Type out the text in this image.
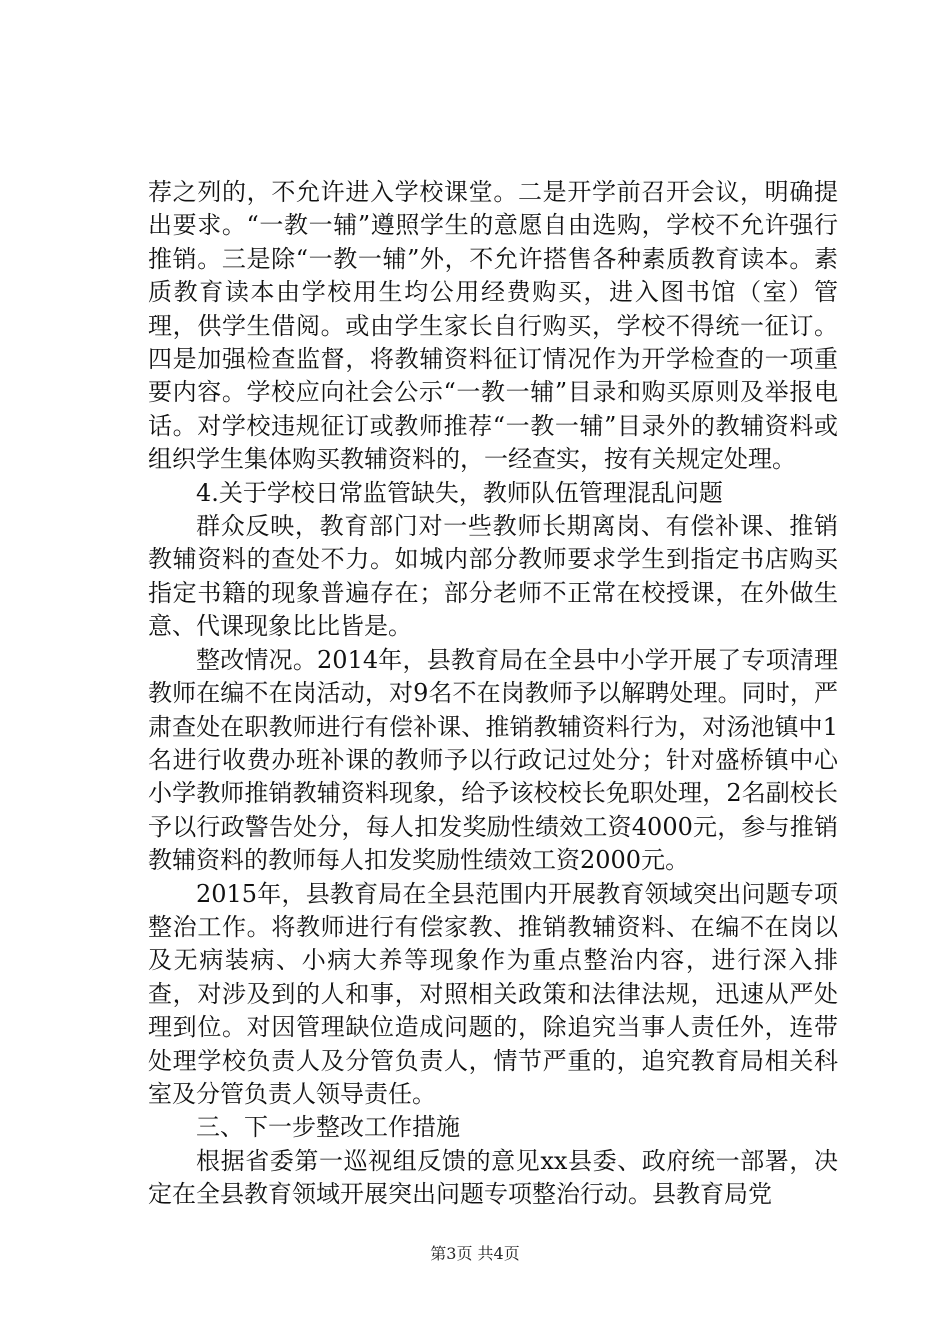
荐之列的，不允许进入学校课堂。二是开学前召开会议，明确提出要求。“一教一辅”遵照学生的意愿自由选购，学校不允许强行推销。三是除“一教一辅”外，不允许搭售各种素质教育读本。素质教育读本由学校用生均公用经费购买，进入图书馆（室）管理，供学生借阅。或由学生家长自行购买，学校不得统一征订。四是加强检查监督，将教辅资料征订情况作为开学检查的一项重要内容。学校应向社会公示“一教一辅”目录和购买原则及举报电话。对学校违规征订或教师推荐“一教一辅”目录外的教辅资料或组织学生集体购买教辅资料的，一经查实，按有关规定处理。

4.关于学校日常监管缺失，教师队伍管理混乱问题

群众反映，教育部门对一些教师长期离岗、有偿补课、推销教辅资料的查处不力。如城内部分教师要求学生到指定书店购买指定书籍的现象普遍存在；部分老师不正常在校授课，在外做生意、代课现象比比皆是。

整改情况。2014年，县教育局在全县中小学开展了专项清理教师在编不在岗活动，对9名不在岗教师予以解聘处理。同时，严肃查处在职教师进行有偿补课、推销教辅资料行为，对汤池镇中1名进行收费办班补课的教师予以行政记过处分；针对盛桥镇中心小学教师推销教辅资料现象，给予该校校长免职处理，2名副校长予以行政警告处分，每人扣发奖励性绩效工资4000元，参与推销教辅资料的教师每人扣发奖励性绩效工资2000元。

2015年，县教育局在全县范围内开展教育领域突出问题专项整治工作。将教师进行有偿家教、推销教辅资料、在编不在岗以及无病装病、小病大养等现象作为重点整治内容，进行深入排查，对涉及到的人和事，对照相关政策和法律法规，迅速从严处理到位。对因管理缺位造成问题的，除追究当事人责任外，连带处理学校负责人及分管负责人，情节严重的，追究教育局相关科室及分管负责人领导责任。

三、下一步整改工作措施

根据省委第一巡视组反馈的意见xx县委、政府统一部署，决定在全县教育领域开展突出问题专项整治行动。县教育局党

第3页 共4页
